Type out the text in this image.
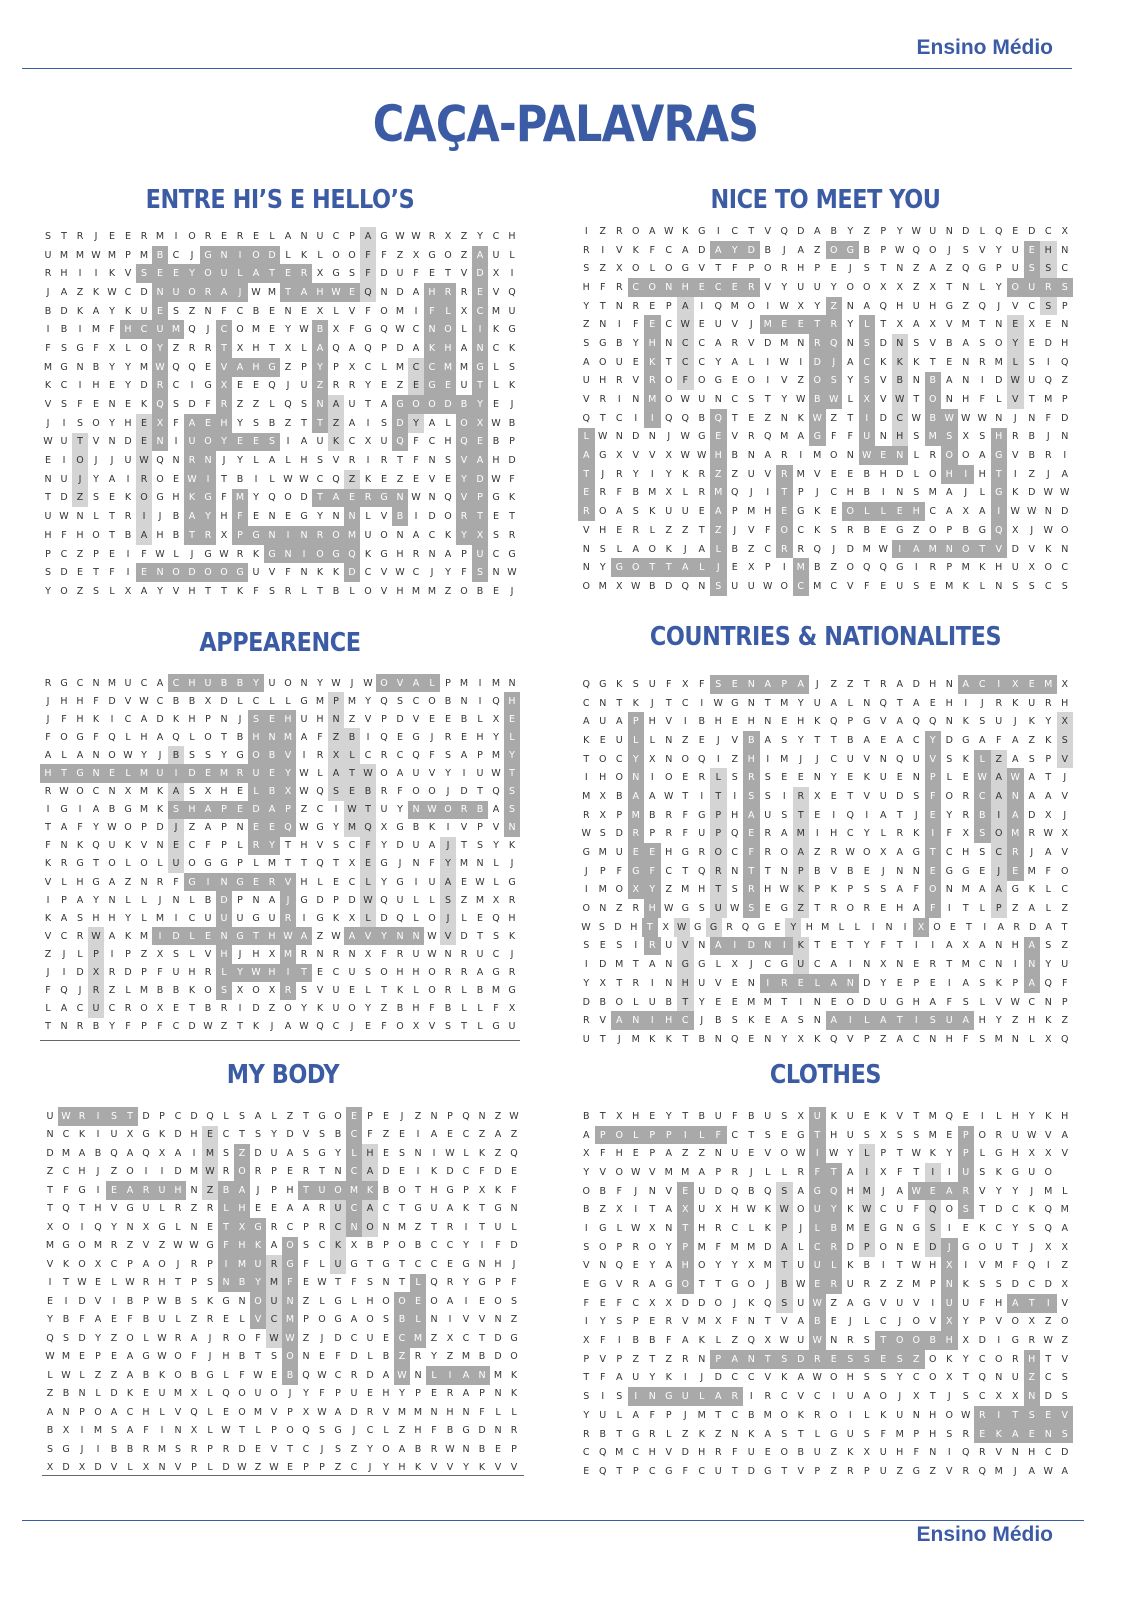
Ensino Médio
CAÇA-PALAVRAS
ENTRE HI’S E HELLO’S
S	T	R	J	E	E	R M	I	O R	E	R	E	L	A N U C	P	A G W W R X Z	Y	C H
U M M W M P M B C	J	G N	I	O D	L	K	L	O O	F	F	Z X G O Z	A U	L
R H	I	I	K	V	S	E	E	Y O U	L	A	T	E	R X G S	F	D U	F	E	T	V D X	I
J	A Z	K W C D N U O R A	J	W M T	A H W E Q N D A H R R	E	V Q
B D K	A	Y	K U	E	S	Z N	F	C B	E N E	X	L	V	F	O M	I	F	L	X C M U
I	B	I	M F	H C U M Q	J	C O M E	Y W B X	F	G Q W C N O	L	I	K G
F	S G	F	X	L	O Y	Z R R	T	X H	T	X	L	A Q A Q P D A	K H A N C	K
M G N B	Y	Y M W Q Q E	V	A H G Z	P	Y	P	X C	L M C C M M G	L	S
K	C	I	H E	Y D R C	I	G X	E	E Q	J	U Z R R	Y	E	Z	E G E	U	T	L	K
V	S	F	E N E	K Q S D	F	R Z Z	L	Q S N A U	T	A G O O D B	Y	E	J
J	I	S O Y	H E	X	F	A	E H	Y	S	B Z	T	T	Z	A	I	S D Y	A	L	O X W B
W U	T	V N D E N	I	U O Y	E	E	S	I	A U K	C X U Q	F	C H Q E	B	P
E	I	O	J	J	U W Q N R N	J	Y	L	A	L	H S	V R	I	R	T	F	N S	V	A H D
N U	J	Y	A	I	R O E W	I	T	B	I	L W W C Q Z	K	E	Z	E	V	E	Y D W F
T D Z	S	E	K O G H K G	F M Y Q O D T	A	E	R G N W N Q V	P G K
U W N	L	T	R	I	J	B A	Y	H	F	E N E G Y	N N	L	V B	I	D O R	T	E	T
H	F	H O T	B A H B	T	R X	P G N	I	N R O M U O N A C	K	Y	X	S	R
P	C Z	P	E	I	F W L	J	G W R	K G N	I	O G Q K G H R N A	P	U C G
S D E	T	F	I	E N O D O O G U V	F	N K	K D C V W C	J	Y	F	S N W
Y O Z	S	L	X	A	Y	V H	T	T	K	F	S	R	L	T	B	L	O V H M M Z O B	E	J
NICE TO MEET YOU
I	Z	R O	A W K	G	I	C	T	V	Q D	A	B	Y	Z	P	Y W U N D	L	Q	E	D	C	X
R	I	V	K	F	C	A	D	A	Y	D	B	J	A	Z	O G	B	P W Q O	J	S	V	Y	U	E	H N
S	Z	X	O	L	O G	V	T	F	P	O R	H	P	E	J	S	T	N	Z	A	Z	Q G	P	U	S	S	C
H	F	R	C O N H	E	C	E	R	V	Y	U	U	Y	O O	X	X	Z	X	T	N	L	Y	O U	R	S
Y	T	N	R	E	P	A	I	Q M O	I	W X	Y	Z	N	A	Q H U H G	Z	Q	J	V	C	S	P
Z	N	I	F	E	C W E	U	V	J	M E	E	T	R	Y	L	T	X	A	X	V M	T	N	E	X	E	N
S	G	B	Y	H N	C	C	A	R	V	D M N	R Q N	S	D N	S	V	B	A	S	O	Y	E	D H
A	O U	E	K	T	C	C	Y	A	L	I	W	I	D	J	A	C	K	K	K	T	E	N	R M	L	S	I	Q
U H	R	V	R O	F	O G	E	O	I	V	Z	O	S	Y	S	V	B	N	B	A	N	I	D W U Q	Z
V	R	I	N M O W U N	C	S	T	Y W B W L	X	V W T	O N H	F	L	V	T M	P
Q	T	C	I	I	Q Q	B Q	T	E	Z	N	K W Z	T	I	D	C W B W W W N	J	N	F	D
L W N D N	J	W G	E	V	R Q M A	G	F	F	U N H	S M S	X	S	H	R	B	J	N
A	G	X	V	V	X W W H	B	N	A	R	I	M O N W E	N	L	R O O	A	G	V	B	R	I
T	J	R	Y	I	Y	K	R	Z	Z	U	V	R M V	E	E	B	H D	L	O H	I	H	T	I	Z	J	A
E	R	F	B M X	L	R M Q	J	I	T	P	J	C	H	B	I	N	S M A	J	L	G	K	D W W
R O	A	S	K	U	U	E	A	P	M H	E	G	K	E	O	L	L	E	H	C	A	X	A	I	W W N D
V	H	E	R	L	Z	Z	T	Z	J	V	F	O C	K	S	R	B	E	G	Z	O	P	B	G Q	X	J	W O
N	S	L	A	O	K	J	A	L	B	Z	C	R	R Q	J	D M W	I	A M N O	T	V	D	V	K	N
N	Y	G O	T	T	A	L	J	E	X	P	I	M B	Z	O Q Q G	I	R	P	M K	H U	X	O C
O M X W B	D Q N	S	U	U W O C M C	V	F	E	U	S	E M K	L	N	S	S	C	S
APPEARENCE
R G C N M U C A C H U B B	Y	U O N	Y W	J	W O V	A	L	P M	I	M N
J	H H	F	D V W C B B X D	L	C	L	L	G M P M Y Q S	C O B N	I	Q H
J	F	H K	I	C A D K H	P	N	J	S	E H U H N Z	V	P D V	E	E	B	L	X	E
F	O G	F	Q	L	H A Q	L	O T	B H N M A	F	Z B	I	Q E G	J	R	E H	Y	L
A	L	A N O W Y	J	B	S	S	Y G O B V	I	R X	L	C R C Q	F	S	A	P M Y
H	T G N E	L M U	I	D E M R U	E	Y W L	A	T W O A U V	Y	I	U W T
R W O C N X M K	A	S	X H E	L	B X W Q S	E	B R	F	O O	J	D T Q S
I	G	I	A B G M K	S H A	P	E D A	P	Z C	I	W T	U	Y	N W O R B A	S
T	A	F	Y W O P D	J	Z	A	P	N E	E Q W G Y M Q X G B	K	I	V	P	V N
F	N K Q U K	V N E	C	F	P	L	R	Y	T	H V	S	C	F	Y D U A	J	T	S	Y	K
K	R G T O	L	O	L	U O G G P	L M T	T Q T	X	E G	J	N	F	Y M N	L	J
V	L	H G A Z N R	F	G	I	N G E	R V H	L	E	C	L	Y G	I	U A	E W L	G
I	P	A	Y	N	L	L	J	N	L	B D P	N A	J	G D P D W Q U	L	L	S	Z M X R
K	A	S H H	Y	L M	I	C U U U G U R	I	G K	X	L	D Q	L	O	J	L	E Q H
V C R W A	K M	I	D	L	E N G T	H W A Z W A	V	Y	N N W V D T	S	K
Z	J	L	P	I	P	Z X	S	L	V H	J	H X M R N R N X	F	R U W N R U C	J
J	I	D X R D P	F	U H R	L	Y W H	I	T	E	C U	S O H H O R R A G R
F	Q	J	R Z	L M B B	K O S	X O X R	S	V U	E	L	T	K	L	O R	L	B M G
L	A C U C R O X	E	T	B R	I	D Z O Y	K U O Y	Z B H	F	B	L	L	F	X
T	N R B	Y	F	P	F	C D W Z	T	K	J	A W Q C	J	E	F	O X	V	S	T	L	G U
COUNTRIES & NATIONALITES
Q G	K	S	U	F	X	F	S	E	N	A	P	A	J	Z	Z	T	R	A	D H N	A	C	I	X	E M X
C	N	T	K	J	T	C	I	W G N	T M	Y	U	A	L	N Q	T	A	E	H	I	J	R	K	U	R	H
A	U	A	P	H	V	I	B	H	E	H N	E	H	K	Q	P	G	V	A	Q Q N	K	S	U	J	K	Y	X
K	E	U	L	L	N	Z	E	J	V	B	A	S	Y	T	T	B	A	E	A	C	Y	D G	A	F	A	Z	K	S
T	O C	Y	X	N O Q	I	Z	H	I	M	J	J	C	U	V	N Q U	V	S	K	L	Z	A	S	P	V
I	H O N	I	O	E	R	L	S	R	S	E	E	N	Y	E	K	U	E	N	P	L	E W A W A	T	J
M X	B	A	A W T	I	T	I	S	S	I	R	X	E	T	V	U D	S	F	O R	C	A	N	A	A	V
R	X	P	M B	R	F	G	P	H	A	U	S	T	E	I	Q	I	A	T	J	E	Y	R	B	I	A	D	X	J
W S	D	R	P	R	F	U	P	Q	E	R	A M	I	H	C	Y	L	R	K	I	F	X	S	O M R W X
G M U	E	E	H G	R O C	F	R O	A	Z	R W O	X	A	G	T	C	H	S	C	R	J	A	V
J	P	F	G	F	C	T	Q R	N	T	T	N	P	B	V	B	E	J	N N	E	G G	E	J	E M	F	O
I	M O	X	Y	Z M H	T	S	R	H W K	P	K	P	S	S	A	F	O N M A	A	G	K	L	C
O N	Z	R	H W G	S	U W S	E	G	Z	T	R O R	E	H	A	F	I	T	L	P	Z	A	L	Z
W S D H T	X W G G R Q G E	Y H M L	L	I	N	I	X O E	T	I	A R D A	T
S	E	S	I	R	U	V	N	A	I	D N	I	K	T	E	T	Y	F	T	I	I	A	X	A	N H	A	S	Z
I	D M	T	A	N G G	L	X	J	C	G U	C	A	I	N	X	N	E	R	T M C	N	I	N	Y	U
Y	X	T	R	I	N H U	V	E	N	I	R	E	L	A	N D	Y	E	P	E	I	A	S	K	P	A	Q	F
D	B O	L	U	B	T	Y	E	E M M	T	I	N	E	O D U G H	A	F	S	L	V W C	N	P
R	V	A	N	I	H	C	J	B	S	K	E	A	S	N	A	I	L	A	T	I	S	U	A	H	Y	Z	H	K	Z
U	T	J	M K	K	T	B	N Q	E	N	Y	X	K	Q	V	P	Z	A	C	N H	F	S M N	L	X	Q
MY BODY
U W R	I	S	T D P	C D Q	L	S	A	L	Z	T G O E	P	E	J	Z N	P Q N Z W
N C	K	I	U X G K D H E	C	T	S	Y D V	S	B C	F	Z	E	I	A	E	C Z	A Z
D M A B Q A Q X	A	I	M S	Z D U A	S G Y	L	H E	S N	I	W L	K	Z Q
Z C H	J	Z O	I	I	D M W R O R	P	E	R	T	N C A D E	I	K D C	F	D E
T	F	G	I	E	A R U H N Z B A	J	P	H	T	U O M K	B O T	H G P	X	K	F
T Q T	H V G U	L	R Z R	L	H E	E	A	A R U C A C	T G U A	K	T G N
X O	I	Q Y	N X G	L	N E	T	X G R C	P	R C N O N M Z	T	R	I	T	U	L
M G O M R Z	V Z W W G	F	H K	A O S	C	K	X B	P O B C C	Y	I	F	D
V	K O X C	P	A O	J	R	P	I	M U R G	F	L	U G T G T	C C	E G N H	J
I	T W E	L W R H	T	P	S N B	Y M F	E W T	F	S N	T	L	Q R	Y G P	F
E	I	D V	I	B	P W B	S	K G N O U N Z	L	G	L	H O O E O A	I	E O S
Y	B	F	A	E	F	B U	L	Z R	E	L	V C M P O G A O S	B	L	N	I	V	V N Z
Q S D Y	Z O	L W R A	J	R O	F W W Z	J	D C U	E	C M Z X C	T D G
W M E	P	E	A G W O	F	J	H B	T	S O N E	F	D	L	B Z R	Y	Z M B D O
L W L	Z Z	A B	K O B G	L	F W E	B Q W C R D A W N	L	I	A N M K
Z B N	L	D K	E	U M X	L	Q O U O	J	Y	F	P	U	E H	Y	P	E	R A	P	N K
A N	P O A C H	L	V Q	L	E O M V	P	X W A D R V M M N H N	F	L	L
B X	I	M S	A	F	I	N X	L W T	L	P O Q S G	J	C	L	Z H	F	B G D N R
S G	J	I	B B R M S	R	P	R D E	V	T	C	J	S	Z	Y O A B R W N B	E	P
X D X D V	L	X N V	P	L	D W Z W E	P	P	Z C	J	Y	H K	V	V	Y	K	V	V
CLOTHES
B	T	X	H	E	Y	T	B	U	F	B	U	S	X	U	K	U	E	K	V	T M Q	E	I	L	H	Y	K	H
A	P	O	L	P	P	I	L	F	C	T	S	E	G	T	H U	S	X	S	S M E	P	O R	U W V	A
X	F	H	E	P	A	Z	Z	N U	E	V	O W	I	W Y	L	P	T W K	Y	P	L	G H	X	X	V
Y	V	O W V M M A	P	R	J	L	L	R	F	T	A	I	X	F	T	I	I	U	S	K	G U O
O	B	F	J	N	V	E	U D Q	B Q	S	A	G Q H M	J	A W E	A	R	V	Y	Y	J	M	L
B	Z	X	I	T	A	X	U	X	H W K W O U	Y	K W C	U	F	Q O	S	T	D	C	K	Q M
I	G	L W X	N	T	H	R	C	L	K	P	J	L	B M E	G N G	S	I	E	K	C	Y	S	Q	A
S	O	P	R O	Y	P	M	F	M M D	A	L	C	R	D	P	O N	E	D	J	G O U	T	J	X	X
V	N Q	E	Y	A	H O	Y	Y	X M	T	U	U	L	K	B	I	T W H	X	I	V M	F	Q	I	Z
E	G	V	R	A	G O	T	T	G O	J	B W E	R	U	R	Z	Z M	P	N	K	S	S	D	C	D	X
F	E	F	C	X	X	D D O	J	K	Q	S	U W Z	A	G	V	U	V	I	U	U	F	H	A	T	I	V
I	Y	S	P	E	R	V M X	F	N	T	V	A	B	E	J	L	C	J	O	V	X	Y	P	V	O	X	Z	O
X	F	I	B	B	F	A	K	L	Z	Q	X W U W N	R	S	T	O O	B	H	X	D	I	G	R W Z
P	V	P	Z	T	Z	R	N	P	A	N	T	S	D	R	E	S	S	E	S	Z	O	K	Y	C O R	H	T	V
T	F	A	U	Y	K	I	J	D	C	C	V	K	A W O H	S	S	Y	C O	X	T	Q N U	Z	C	S
S	I	S	I	N G U	L	A	R	I	R	C	V	C	I	U	A	O	J	X	T	J	S	C	X	X	N D	S
Y	U	L	A	F	P	J	M	T	C	B M O	K	R O	I	L	K	U N H O W R	I	T	S	E	V
R	B	T	G	R	L	Z	K	Z	N	K	A	S	T	L	G U	S	F	M	P	H	S	R	E	K	A	E	N	S
C Q M C	H	V	D H	R	F	U	E	O	B	U	Z	K	X	U H	F	N	I	Q R	V	N H	C	D
E	Q	T	P	C	G	F	C	U	T	D G	T	V	P	Z	R	P	U	Z	G	Z	V	R Q M	J	A W A
Ensino Médio
